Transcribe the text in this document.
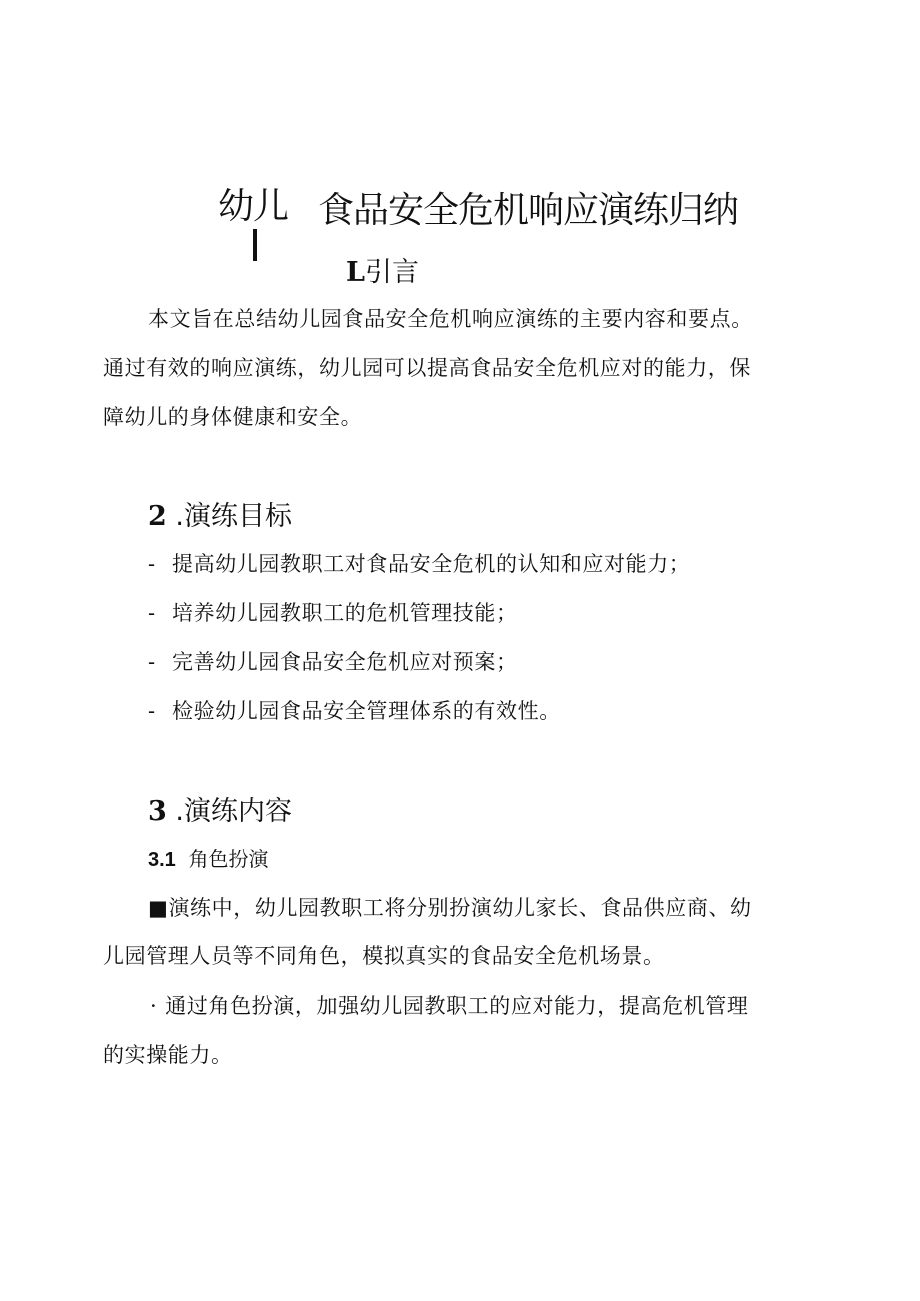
幼儿 食品安全危机响应演练归纳
L引言
本文旨在总结幼儿园食品安全危机响应演练的主要内容和要点。
通过有效的响应演练，幼儿园可以提高食品安全危机应对的能力，保
障幼儿的身体健康和安全。
2 .演练目标
- 提高幼儿园教职工对食品安全危机的认知和应对能力；
- 培养幼儿园教职工的危机管理技能；
- 完善幼儿园食品安全危机应对预案；
- 检验幼儿园食品安全管理体系的有效性。
3 .演练内容
3.1 角色扮演
■演练中，幼儿园教职工将分别扮演幼儿家长、食品供应商、幼
儿园管理人员等不同角色，模拟真实的食品安全危机场景。
· 通过角色扮演，加强幼儿园教职工的应对能力，提高危机管理
的实操能力。
